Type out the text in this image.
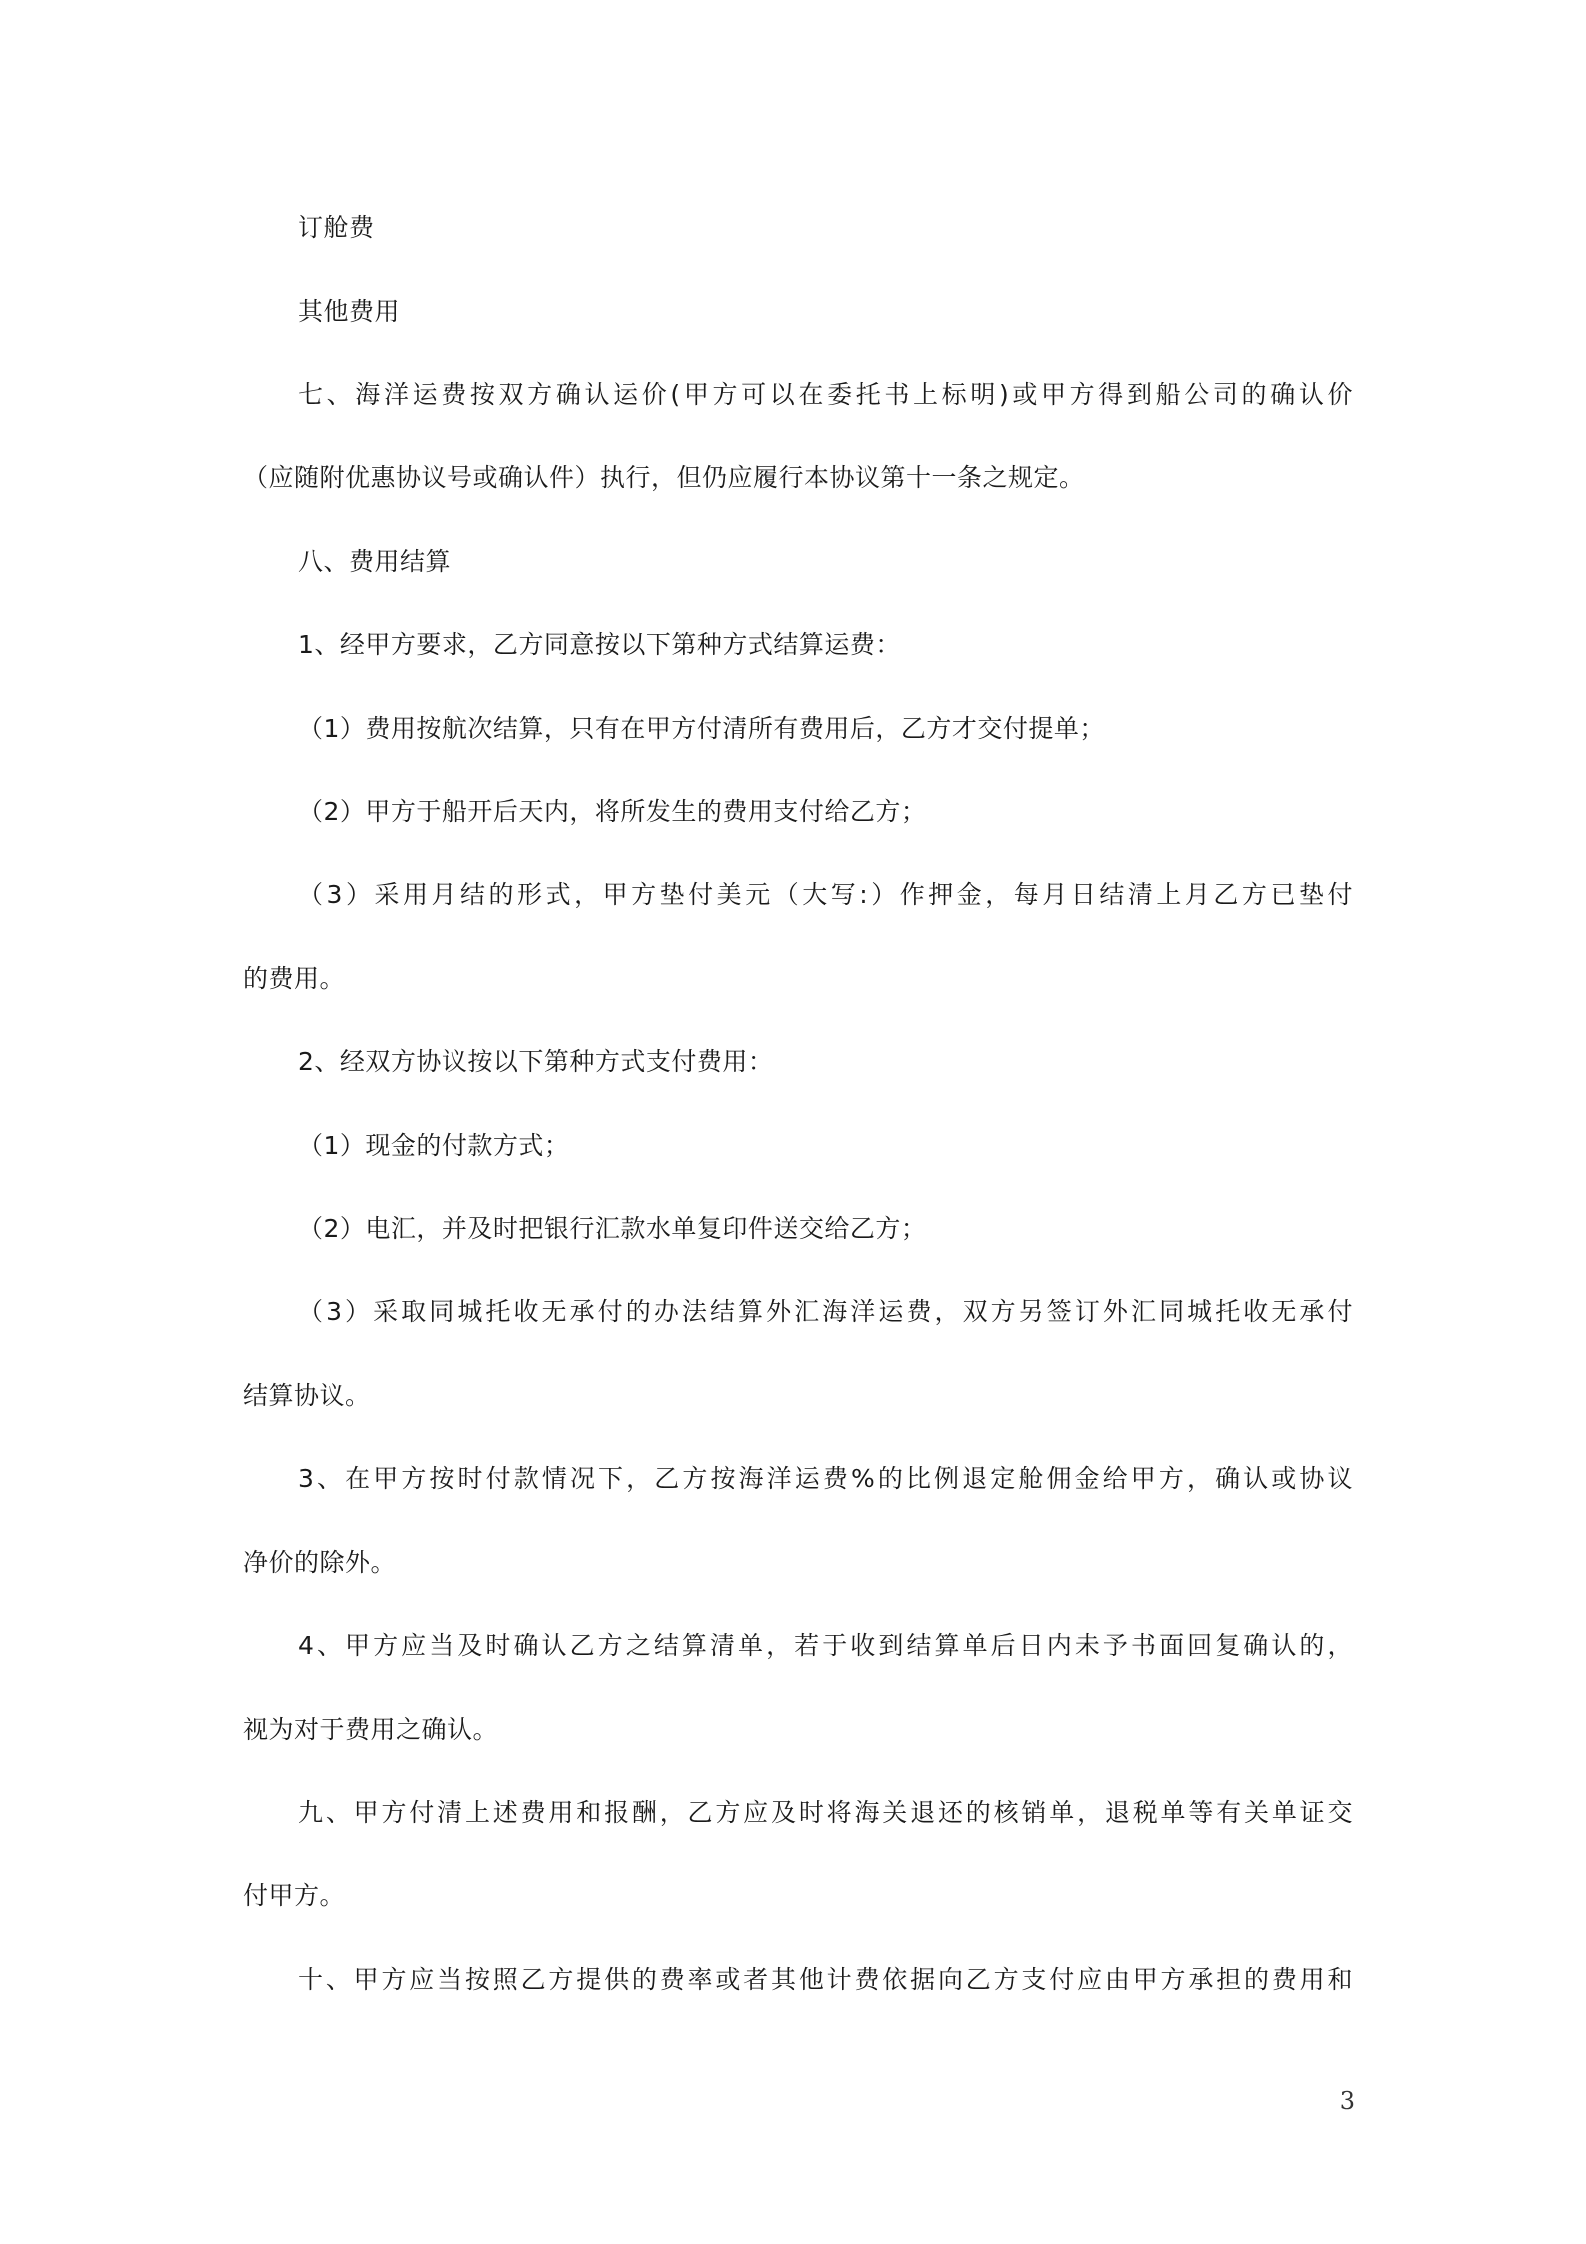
订舱费
其他费用
七、海洋运费按双方确认运价(甲方可以在委托书上标明)或甲方得到船公司的确认价
（应随附优惠协议号或确认件）执行，但仍应履行本协议第十一条之规定。
八、费用结算
1、经甲方要求，乙方同意按以下第种方式结算运费：
（1）费用按航次结算，只有在甲方付清所有费用后，乙方才交付提单；
（2）甲方于船开后天内，将所发生的费用支付给乙方；
（3）采用月结的形式，甲方垫付美元（大写:）作押金，每月日结清上月乙方已垫付
的费用。
2、经双方协议按以下第种方式支付费用：
（1）现金的付款方式；
（2）电汇，并及时把银行汇款水单复印件送交给乙方；
（3）采取同城托收无承付的办法结算外汇海洋运费，双方另签订外汇同城托收无承付
结算协议。
3、在甲方按时付款情况下，乙方按海洋运费%的比例退定舱佣金给甲方，确认或协议
净价的除外。
4、甲方应当及时确认乙方之结算清单，若于收到结算单后日内未予书面回复确认的，
视为对于费用之确认。
九、甲方付清上述费用和报酬，乙方应及时将海关退还的核销单，退税单等有关单证交
付甲方。
十、甲方应当按照乙方提供的费率或者其他计费依据向乙方支付应由甲方承担的费用和
3
